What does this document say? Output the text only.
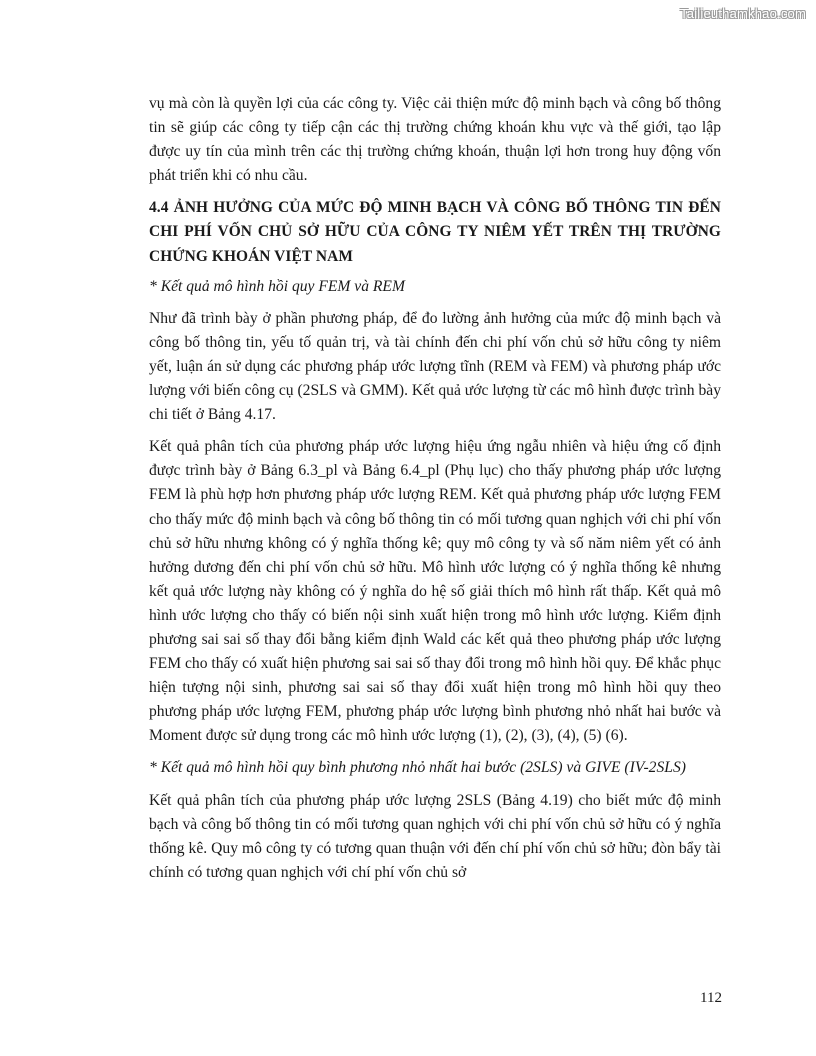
Tailieuthamkhao.com

vụ mà còn là quyền lợi của các công ty. Việc cải thiện mức độ minh bạch và công bố thông tin sẽ giúp các công ty tiếp cận các thị trường chứng khoán khu vực và thế giới, tạo lập được uy tín của mình trên các thị trường chứng khoán, thuận lợi hơn trong huy động vốn phát triển khi có nhu cầu.

4.4 ẢNH HƯỞNG CỦA MỨC ĐỘ MINH BẠCH VÀ CÔNG BỐ THÔNG TIN ĐẾN CHI PHÍ VỐN CHỦ SỞ HỮU CỦA CÔNG TY NIÊM YẾT TRÊN THỊ TRƯỜNG CHỨNG KHOÁN VIỆT NAM

* Kết quả mô hình hồi quy FEM và REM

Như đã trình bày ở phần phương pháp, để đo lường ảnh hưởng của mức độ minh bạch và công bố thông tin, yếu tố quản trị, và tài chính đến chi phí vốn chủ sở hữu công ty niêm yết, luận án sử dụng các phương pháp ước lượng tĩnh (REM và FEM) và phương pháp ước lượng với biến công cụ (2SLS và GMM). Kết quả ước lượng từ các mô hình được trình bày chi tiết ở Bảng 4.17.

Kết quả phân tích của phương pháp ước lượng hiệu ứng ngẫu nhiên và hiệu ứng cố định được trình bày ở Bảng 6.3_pl và Bảng 6.4_pl (Phụ lục) cho thấy phương pháp ước lượng FEM là phù hợp hơn phương pháp ước lượng REM. Kết quả phương pháp ước lượng FEM cho thấy mức độ minh bạch và công bố thông tin có mối tương quan nghịch với chi phí vốn chủ sở hữu nhưng không có ý nghĩa thống kê; quy mô công ty và số năm niêm yết có ảnh hưởng dương đến chi phí vốn chủ sở hữu. Mô hình ước lượng có ý nghĩa thống kê nhưng kết quả ước lượng này không có ý nghĩa do hệ số giải thích mô hình rất thấp. Kết quả mô hình ước lượng cho thấy có biến nội sinh xuất hiện trong mô hình ước lượng. Kiểm định phương sai sai số thay đổi bằng kiểm định Wald các kết quả theo phương pháp ước lượng FEM cho thấy có xuất hiện phương sai sai số thay đổi trong mô hình hồi quy. Để khắc phục hiện tượng nội sinh, phương sai sai số thay đổi xuất hiện trong mô hình hồi quy theo phương pháp ước lượng FEM, phương pháp ước lượng bình phương nhỏ nhất hai bước và Moment được sử dụng trong các mô hình ước lượng (1), (2), (3), (4), (5) (6).

* Kết quả mô hình hồi quy bình phương nhỏ nhất hai bước (2SLS) và GIVE (IV-2SLS)

Kết quả phân tích của phương pháp ước lượng 2SLS (Bảng 4.19) cho biết mức độ minh bạch và công bố thông tin có mối tương quan nghịch với chi phí vốn chủ sở hữu có ý nghĩa thống kê. Quy mô công ty có tương quan thuận với đến chí phí vốn chủ sở hữu; đòn bẩy tài chính có tương quan nghịch với chí phí vốn chủ sở

112
